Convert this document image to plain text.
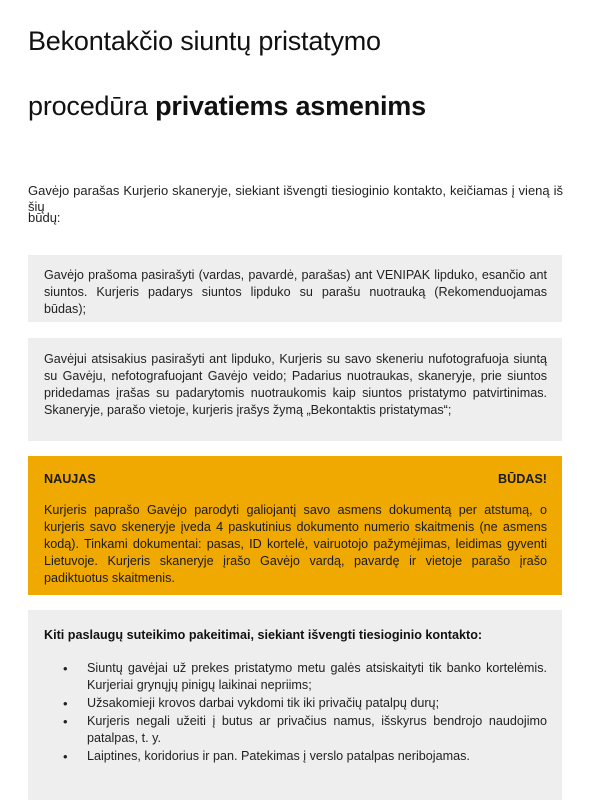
Bekontakčio siuntų pristatymo
procedūra privatiems asmenims
Gavėjo parašas Kurjerio skaneryje, siekiant išvengti tiesioginio kontakto, keičiamas į vieną iš šių
būdų:

Gavėjo prašoma pasirašyti (vardas, pavardė, parašas) ant VENIPAK lipduko, esančio ant siuntos. Kurjeris padarys siuntos lipduko su parašu nuotrauką (Rekomenduojamas būdas);

Gavėjui atsisakius pasirašyti ant lipduko, Kurjeris su savo skeneriu nufotografuoja siuntą su Gavėju, nefotografuojant Gavėjo veido; Padarius nuotraukas, skaneryje, prie siuntos pridedamas įrašas su padarytomis nuotraukomis kaip siuntos pristatymo patvirtinimas. Skaneryje, parašo vietoje, kurjeris įrašys žymą „Bekontaktis pristatymas“;

NAUJAS	BŪDAS!

Kurjeris paprašo Gavėjo parodyti galiojantį savo asmens dokumentą per atstumą, o kurjeris savo skeneryje įveda 4 paskutinius dokumento numerio skaitmenis (ne asmens kodą). Tinkami dokumentai: pasas, ID kortelė, vairuotojo pažymėjimas, leidimas gyventi Lietuvoje. Kurjeris skaneryje įrašo Gavėjo vardą, pavardę ir vietoje parašo įrašo padiktuotus skaitmenis.

Kiti paslaugų suteikimo pakeitimai, siekiant išvengti tiesioginio kontakto:
• Siuntų gavėjai už prekes pristatymo metu galės atsiskaityti tik banko kortelėmis. Kurjeriai grynųjų pinigų laikinai nepriims;
• Užsakomieji krovos darbai vykdomi tik iki privačių patalpų durų;
• Kurjeris negali užeiti į butus ar privačius namus, išskyrus bendrojo naudojimo patalpas, t. y.
• Laiptines, koridorius ir pan. Patekimas į verslo patalpas neribojamas.
